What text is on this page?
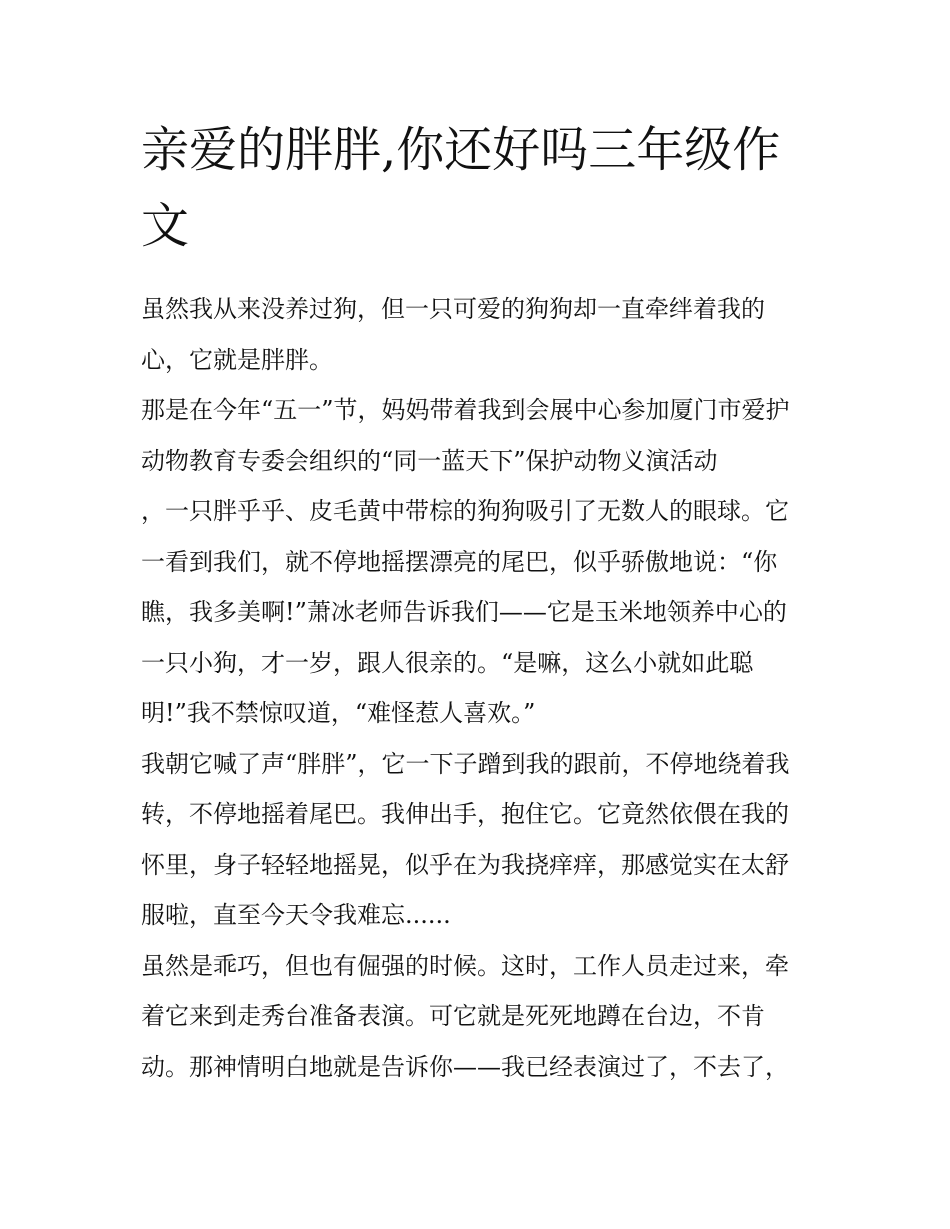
亲爱的胖胖,你还好吗三年级作
文
虽然我从来没养过狗，但一只可爱的狗狗却一直牵绊着我的
心，它就是胖胖。
那是在今年“五一”节，妈妈带着我到会展中心参加厦门市爱护
动物教育专委会组织的“同一蓝天下”保护动物义演活动
，一只胖乎乎、皮毛黄中带棕的狗狗吸引了无数人的眼球。它
一看到我们，就不停地摇摆漂亮的尾巴，似乎骄傲地说：“你
瞧，我多美啊!”萧冰老师告诉我们——它是玉米地领养中心的
一只小狗，才一岁，跟人很亲的。“是嘛，这么小就如此聪
明!”我不禁惊叹道，“难怪惹人喜欢。”
我朝它喊了声“胖胖”，它一下子蹭到我的跟前，不停地绕着我
转，不停地摇着尾巴。我伸出手，抱住它。它竟然依偎在我的
怀里，身子轻轻地摇晃，似乎在为我挠痒痒，那感觉实在太舒
服啦，直至今天令我难忘......
虽然是乖巧，但也有倔强的时候。这时，工作人员走过来，牵
着它来到走秀台准备表演。可它就是死死地蹲在台边，不肯
动。那神情明白地就是告诉你——我已经表演过了，不去了，
